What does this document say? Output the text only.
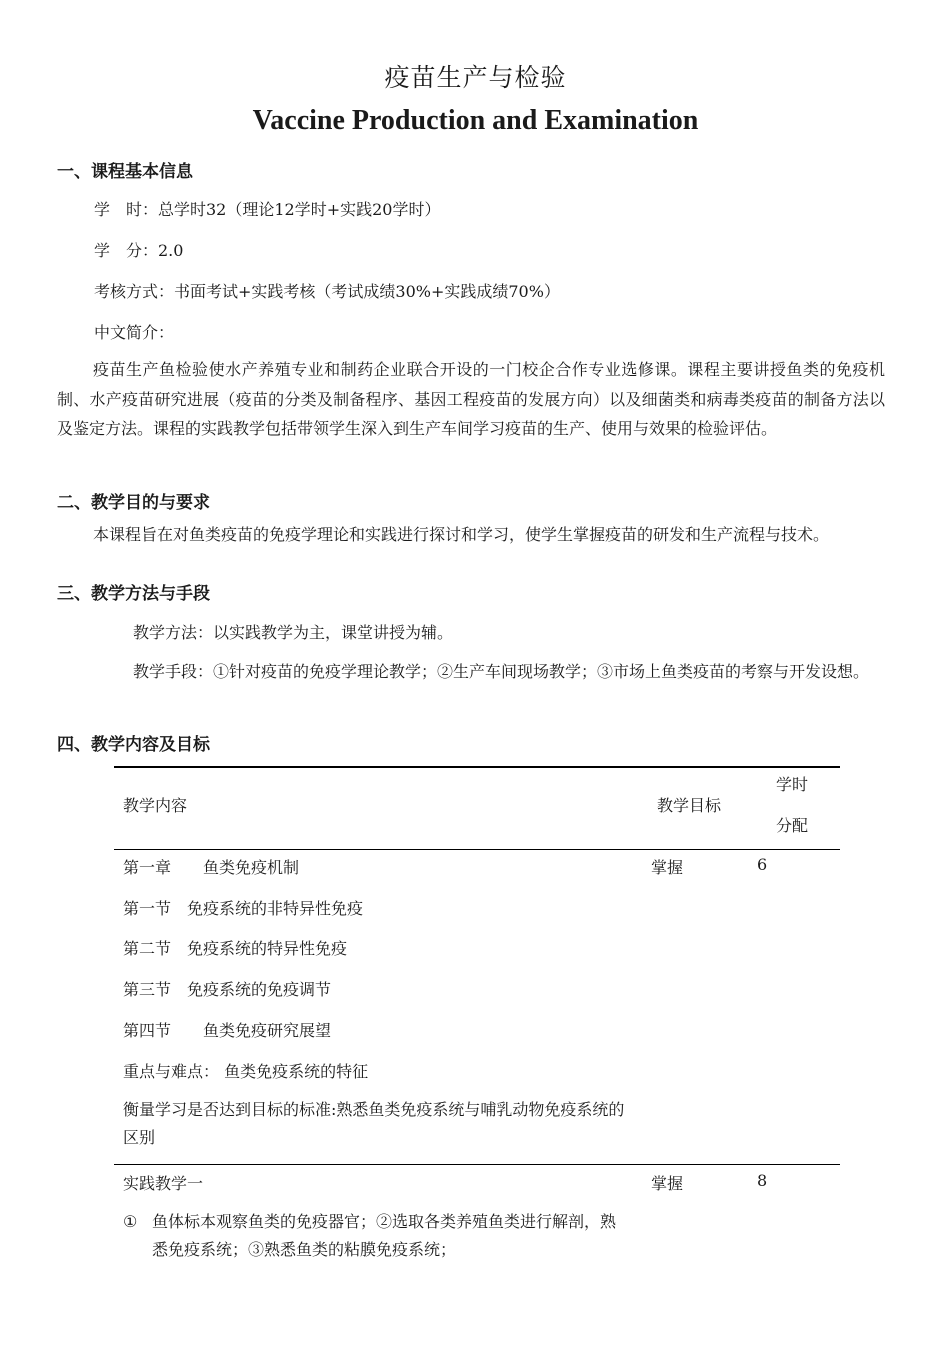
疫苗生产与检验
Vaccine Production and Examination
一、课程基本信息
学　时：总学时32（理论12学时+实践20学时）
学　分：2.0
考核方式：书面考试+实践考核（考试成绩30%+实践成绩70%）
中文简介：
疫苗生产鱼检验使水产养殖专业和制药企业联合开设的一门校企合作专业选修课。课程主要讲授鱼类的免疫机制、水产疫苗研究进展（疫苗的分类及制备程序、基因工程疫苗的发展方向）以及细菌类和病毒类疫苗的制备方法以及鉴定方法。课程的实践教学包括带领学生深入到生产车间学习疫苗的生产、使用与效果的检验评估。
二、教学目的与要求
本课程旨在对鱼类疫苗的免疫学理论和实践进行探讨和学习，使学生掌握疫苗的研发和生产流程与技术。
三、教学方法与手段
教学方法：以实践教学为主，课堂讲授为辅。
教学手段：①针对疫苗的免疫学理论教学；②生产车间现场教学；③市场上鱼类疫苗的考察与开发设想。
四、教学内容及目标
教学内容	教学目标
学时
分配
第一章　　鱼类免疫机制	掌握	6
第一节　免疫系统的非特异性免疫
第二节　免疫系统的特异性免疫
第三节　免疫系统的免疫调节
第四节　　鱼类免疫研究展望
重点与难点： 鱼类免疫系统的特征
衡量学习是否达到目标的标准:熟悉鱼类免疫系统与哺乳动物免疫系统的区别
实践教学一	掌握	8
① 鱼体标本观察鱼类的免疫器官；②选取各类养殖鱼类进行解剖，熟悉免疫系统；③熟悉鱼类的粘膜免疫系统；
